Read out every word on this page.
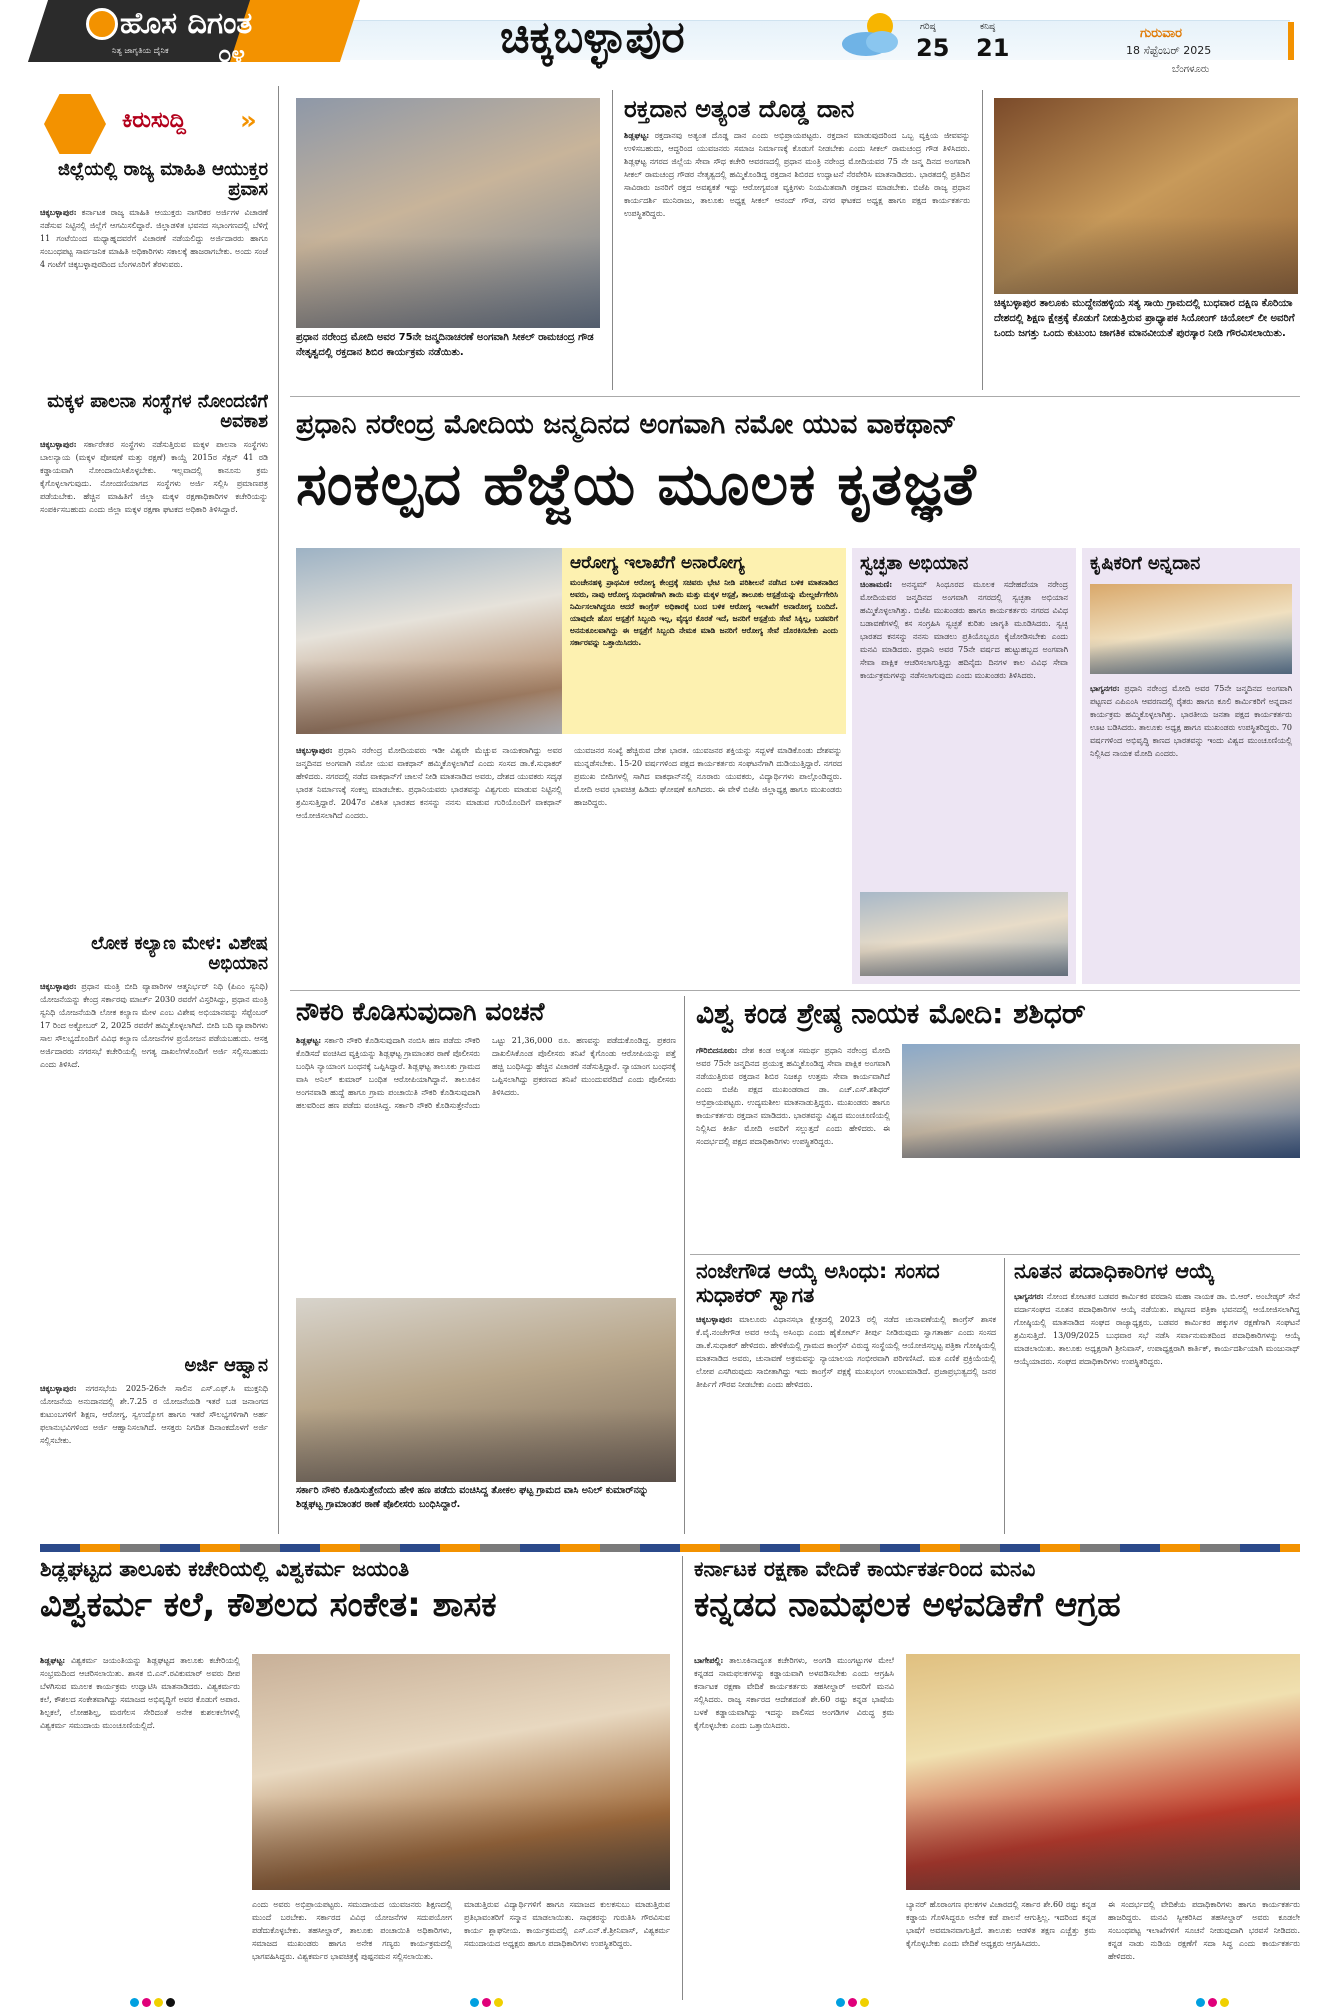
ಹೊಸ ದಿಗಂತ
ನಿತ್ಯ ಜಾಗೃತಿಯ ದೈನಿಕ ೦೪	ಚಿಕ್ಕಬಳ್ಳಾಪುರ	ಗರಿಷ್ಠ
25
ಕನಿಷ್ಠ
21
ಗುರುವಾರ
18 ಸೆಪ್ಟೆಂಬರ್ 2025
ಬೆಂಗಳೂರು
ಕಿರುಸುದ್ದಿ »
ಜಿಲ್ಲೆಯಲ್ಲಿ ರಾಜ್ಯ ಮಾಹಿತಿ ಆಯುಕ್ತರ ಪ್ರವಾಸ
ಚಿಕ್ಕಬಳ್ಳಾಪುರ: ಕರ್ನಾಟಕ ರಾಜ್ಯ ಮಾಹಿತಿ ಆಯುಕ್ತರು ನಾಗರಿಕರ ಅರ್ಜಿಗಳ ವಿಚಾರಣೆ ನಡೆಸುವ ನಿಟ್ಟಿನಲ್ಲಿ ಜಿಲ್ಲೆಗೆ ಆಗಮಿಸಲಿದ್ದಾರೆ. ಜಿಲ್ಲಾಡಳಿತ ಭವನದ ಸಭಾಂಗಣದಲ್ಲಿ ಬೆಳಿಗ್ಗೆ 11 ಗಂಟೆಯಿಂದ ಮಧ್ಯಾಹ್ನದವರೆಗೆ ವಿಚಾರಣೆ ನಡೆಯಲಿದ್ದು ಅರ್ಜಿದಾರರು ಹಾಗೂ ಸಂಬಂಧಪಟ್ಟ ಸಾರ್ವಜನಿಕ ಮಾಹಿತಿ ಅಧಿಕಾರಿಗಳು ಸಕಾಲಕ್ಕೆ ಹಾಜರಾಗಬೇಕು. ಅಂದು ಸಂಜೆ 4 ಗಂಟೆಗೆ ಚಿಕ್ಕಬಳ್ಳಾಪುರದಿಂದ ಬೆಂಗಳೂರಿಗೆ ತೆರಳುವರು.
ಮಕ್ಕಳ ಪಾಲನಾ ಸಂಸ್ಥೆಗಳ ನೋಂದಣಿಗೆ ಅವಕಾಶ
ಚಿಕ್ಕಬಳ್ಳಾಪುರ: ಸರ್ಕಾರೇತರ ಸಂಸ್ಥೆಗಳು ನಡೆಸುತ್ತಿರುವ ಮಕ್ಕಳ ಪಾಲನಾ ಸಂಸ್ಥೆಗಳು ಬಾಲನ್ಯಾಯ (ಮಕ್ಕಳ ಪೋಷಣೆ ಮತ್ತು ರಕ್ಷಣೆ) ಕಾಯ್ದೆ 2015ರ ಸೆಕ್ಷನ್ 41 ರಡಿ ಕಡ್ಡಾಯವಾಗಿ ನೋಂದಾಯಿಸಿಕೊಳ್ಳಬೇಕು. ಇಲ್ಲವಾದಲ್ಲಿ ಕಾನೂನು ಕ್ರಮ ಕೈಗೊಳ್ಳಲಾಗುವುದು. ನೋಂದಣಿಯಾಗದ ಸಂಸ್ಥೆಗಳು ಅರ್ಜಿ ಸಲ್ಲಿಸಿ ಪ್ರಮಾಣಪತ್ರ ಪಡೆಯಬೇಕು. ಹೆಚ್ಚಿನ ಮಾಹಿತಿಗೆ ಜಿಲ್ಲಾ ಮಕ್ಕಳ ರಕ್ಷಣಾಧಿಕಾರಿಗಳ ಕಚೇರಿಯನ್ನು ಸಂಪರ್ಕಿಸಬಹುದು ಎಂದು ಜಿಲ್ಲಾ ಮಕ್ಕಳ ರಕ್ಷಣಾ ಘಟಕದ ಅಧಿಕಾರಿ ತಿಳಿಸಿದ್ದಾರೆ.
ಲೋಕ ಕಲ್ಯಾಣ ಮೇಳ: ವಿಶೇಷ ಅಭಿಯಾನ
ಚಿಕ್ಕಬಳ್ಳಾಪುರ: ಪ್ರಧಾನ ಮಂತ್ರಿ ಬೀದಿ ವ್ಯಾಪಾರಿಗಳ ಆತ್ಮನಿರ್ಭರ್ ನಿಧಿ (ಪಿಎಂ ಸ್ವನಿಧಿ) ಯೋಜನೆಯನ್ನು ಕೇಂದ್ರ ಸರ್ಕಾರವು ಮಾರ್ಚ್ 2030 ರವರೆಗೆ ವಿಸ್ತರಿಸಿದ್ದು, ಪ್ರಧಾನ ಮಂತ್ರಿ ಸ್ವನಿಧಿ ಯೋಜನೆಯಡಿ ಲೋಕ ಕಲ್ಯಾಣ ಮೇಳ ಎಂಬ ವಿಶೇಷ ಅಭಿಯಾನವನ್ನು ಸೆಪ್ಟೆಂಬರ್ 17 ರಿಂದ ಅಕ್ಟೋಬರ್ 2, 2025 ರವರೆಗೆ ಹಮ್ಮಿಕೊಳ್ಳಲಾಗಿದೆ. ಬೀದಿ ಬದಿ ವ್ಯಾಪಾರಿಗಳು ಸಾಲ ಸೌಲಭ್ಯದೊಂದಿಗೆ ವಿವಿಧ ಕಲ್ಯಾಣ ಯೋಜನೆಗಳ ಪ್ರಯೋಜನ ಪಡೆಯಬಹುದು. ಆಸಕ್ತ ಅರ್ಜಿದಾರರು ನಗರಸಭೆ ಕಚೇರಿಯಲ್ಲಿ ಅಗತ್ಯ ದಾಖಲೆಗಳೊಂದಿಗೆ ಅರ್ಜಿ ಸಲ್ಲಿಸಬಹುದು ಎಂದು ತಿಳಿಸಿದೆ.
ಅರ್ಜಿ ಆಹ್ವಾನ
ಚಿಕ್ಕಬಳ್ಳಾಪುರ: ನಗರಸಭೆಯ 2025-26ನೇ ಸಾಲಿನ ಎಸ್.ಎಫ್.ಸಿ ಮುಕ್ತನಿಧಿ ಯೋಜನೆಯ ಅನುದಾನದಲ್ಲಿ ಶೇ.7.25 ರ ಯೋಜನೆಯಡಿ ಇತರೆ ಬಡ ಜನಾಂಗದ ಕುಟುಂಬಗಳಿಗೆ ಶಿಕ್ಷಣ, ಆರೋಗ್ಯ, ಸ್ವಉದ್ಯೋಗ ಹಾಗೂ ಇತರೆ ಸೌಲಭ್ಯಗಳಿಗಾಗಿ ಅರ್ಹ ಫಲಾನುಭವಿಗಳಿಂದ ಅರ್ಜಿ ಆಹ್ವಾನಿಸಲಾಗಿದೆ. ಆಸಕ್ತರು ನಿಗದಿತ ದಿನಾಂಕದೊಳಗೆ ಅರ್ಜಿ ಸಲ್ಲಿಸಬೇಕು.
ಪ್ರಧಾನ ನರೇಂದ್ರ ಮೋದಿ ಅವರ 75ನೇ ಜನ್ಮದಿನಾಚರಣೆ ಅಂಗವಾಗಿ ಸೀಕಲ್ ರಾಮಚಂದ್ರ ಗೌಡ ನೇತೃತ್ವದಲ್ಲಿ ರಕ್ತದಾನ ಶಿಬಿರ ಕಾರ್ಯಕ್ರಮ ನಡೆಯಿತು.
ರಕ್ತದಾನ ಅತ್ಯಂತ ದೊಡ್ಡ ದಾನ
ಶಿಡ್ಲಘಟ್ಟ: ರಕ್ತದಾನವು ಅತ್ಯಂತ ದೊಡ್ಡ ದಾನ ಎಂದು ಅಭಿಪ್ರಾಯಪಟ್ಟರು. ರಕ್ತದಾನ ಮಾಡುವುದರಿಂದ ಒಬ್ಬ ವ್ಯಕ್ತಿಯ ಜೀವವನ್ನು ಉಳಿಸಬಹುದು, ಆದ್ದರಿಂದ ಯುವಜನರು ಸಮಾಜ ನಿರ್ಮಾಣಕ್ಕೆ ಕೊಡುಗೆ ನೀಡಬೇಕು ಎಂದು ಸೀಕಲ್ ರಾಮಚಂದ್ರ ಗೌಡ ತಿಳಿಸಿದರು. ಶಿಡ್ಲಘಟ್ಟ ನಗರದ ಜಿಲ್ಲೆಯ ಸೇವಾ ಸೌಧ ಕಚೇರಿ ಆವರಣದಲ್ಲಿ ಪ್ರಧಾನ ಮಂತ್ರಿ ನರೇಂದ್ರ ಮೋದಿಯವರ 75 ನೇ ಜನ್ಮ ದಿನದ ಅಂಗವಾಗಿ ಸೀಕಲ್ ರಾಮಚಂದ್ರ ಗೌಡರ ನೇತೃತ್ವದಲ್ಲಿ ಹಮ್ಮಿಕೊಂಡಿದ್ದ ರಕ್ತದಾನ ಶಿಬಿರದ ಉದ್ಘಾಟನೆ ನೆರವೇರಿಸಿ ಮಾತನಾಡಿದರು. ಭಾರತದಲ್ಲಿ ಪ್ರತಿದಿನ ಸಾವಿರಾರು ಜನರಿಗೆ ರಕ್ತದ ಅವಶ್ಯಕತೆ ಇದ್ದು ಆರೋಗ್ಯವಂತ ವ್ಯಕ್ತಿಗಳು ನಿಯಮಿತವಾಗಿ ರಕ್ತದಾನ ಮಾಡಬೇಕು. ಬಿಜೆಪಿ ರಾಜ್ಯ ಪ್ರಧಾನ ಕಾರ್ಯದರ್ಶಿ ಮುನಿರಾಜು, ತಾಲೂಕು ಅಧ್ಯಕ್ಷ ಸೀಕಲ್ ಆನಂದ್ ಗೌಡ, ನಗರ ಘಟಕದ ಅಧ್ಯಕ್ಷ ಹಾಗೂ ಪಕ್ಷದ ಕಾರ್ಯಕರ್ತರು ಉಪಸ್ಥಿತರಿದ್ದರು.
ಚಿಕ್ಕಬಳ್ಳಾಪುರ ತಾಲೂಕು ಮುದ್ದೇನಹಳ್ಳಿಯ ಸತ್ಯ ಸಾಯಿ ಗ್ರಾಮದಲ್ಲಿ ಬುಧವಾರ ದಕ್ಷಿಣ ಕೊರಿಯಾ ದೇಶದಲ್ಲಿ ಶಿಕ್ಷಣ ಕ್ಷೇತ್ರಕ್ಕೆ ಕೊಡುಗೆ ನೀಡುತ್ತಿರುವ ಪ್ರಾಧ್ಯಾಪಕ ಸಿಯೋಂಗ್ ಚಿಯೋಲ್ ಲೀ ಅವರಿಗೆ ಒಂದು ಜಗತ್ತು ಒಂದು ಕುಟುಂಬ ಜಾಗತಿಕ ಮಾನವೀಯತೆ ಪುರಸ್ಕಾರ ನೀಡಿ ಗೌರವಿಸಲಾಯಿತು.
ಪ್ರಧಾನಿ ನರೇಂದ್ರ ಮೋದಿಯ ಜನ್ಮದಿನದ ಅಂಗವಾಗಿ ನಮೋ ಯುವ ವಾಕಥಾನ್
ಸಂಕಲ್ಪದ ಹೆಜ್ಜೆಯ ಮೂಲಕ ಕೃತಜ್ಞತೆ
ಆರೋಗ್ಯ ಇಲಾಖೆಗೆ ಅನಾರೋಗ್ಯ
ಮಂಚೇನಹಳ್ಳಿ ಪ್ರಾಥಮಿಕ ಆರೋಗ್ಯ ಕೇಂದ್ರಕ್ಕೆ ಸಚಿವರು ಭೇಟಿ ನೀಡಿ ಪರಿಶೀಲನೆ ನಡೆಸಿದ ಬಳಿಕ ಮಾತನಾಡಿದ ಅವರು, ನಾವು ಆರೋಗ್ಯ ಸುಧಾರಣೆಗಾಗಿ ತಾಯಿ ಮತ್ತು ಮಕ್ಕಳ ಆಸ್ಪತ್ರೆ, ತಾಲೂಕು ಆಸ್ಪತ್ರೆಯನ್ನು ಮೇಲ್ದರ್ಜೆಗೇರಿಸಿ ನಿರ್ಮಿಸಲಾಗಿದ್ದರೂ ಆದರೆ ಕಾಂಗ್ರೆಸ್ ಅಧಿಕಾರಕ್ಕೆ ಬಂದ ಬಳಿಕ ಆರೋಗ್ಯ ಇಲಾಖೆಗೆ ಅನಾರೋಗ್ಯ ಬಂದಿದೆ. ಯಾವುದೇ ಹೊಸ ಆಸ್ಪತ್ರೆಗೆ ಸಿಬ್ಬಂದಿ ಇಲ್ಲ, ವೈದ್ಯರ ಕೊರತೆ ಇದೆ, ಜನರಿಗೆ ಆಸ್ಪತ್ರೆಯ ಸೇವೆ ಸಿಕ್ಕಿಲ್ಲ, ಬಡವರಿಗೆ ಅನನುಕೂಲವಾಗಿದ್ದು ಈ ಆಸ್ಪತ್ರೆಗೆ ಸಿಬ್ಬಂದಿ ನೇಮಕ ಮಾಡಿ ಜನರಿಗೆ ಆರೋಗ್ಯ ಸೇವೆ ದೊರಕಿಸಬೇಕು ಎಂದು ಸರ್ಕಾರವನ್ನು ಒತ್ತಾಯಿಸಿದರು.
ಚಿಕ್ಕಬಳ್ಳಾಪುರ: ಪ್ರಧಾನಿ ನರೇಂದ್ರ ಮೋದಿಯವರು ಇಡೀ ವಿಶ್ವವೇ ಮೆಚ್ಚುವ ನಾಯಕರಾಗಿದ್ದು ಅವರ ಜನ್ಮದಿನದ ಅಂಗವಾಗಿ ನಮೋ ಯುವ ವಾಕಥಾನ್ ಹಮ್ಮಿಕೊಳ್ಳಲಾಗಿದೆ ಎಂದು ಸಂಸದ ಡಾ.ಕೆ.ಸುಧಾಕರ್ ಹೇಳಿದರು. ನಗರದಲ್ಲಿ ನಡೆದ ವಾಕಥಾನ್‌ಗೆ ಚಾಲನೆ ನೀಡಿ ಮಾತನಾಡಿದ ಅವರು, ದೇಶದ ಯುವಕರು ಸದೃಢ ಭಾರತ ನಿರ್ಮಾಣಕ್ಕೆ ಸಂಕಲ್ಪ ಮಾಡಬೇಕು. ಪ್ರಧಾನಿಯವರು ಭಾರತವನ್ನು ವಿಶ್ವಗುರು ಮಾಡುವ ನಿಟ್ಟಿನಲ್ಲಿ ಶ್ರಮಿಸುತ್ತಿದ್ದಾರೆ. 2047ರ ವಿಕಸಿತ ಭಾರತದ ಕನಸನ್ನು ನನಸು ಮಾಡುವ ಗುರಿಯೊಂದಿಗೆ ವಾಕಥಾನ್ ಆಯೋಜಿಸಲಾಗಿದೆ ಎಂದರು.
ಯುವಜನರ ಸಂಖ್ಯೆ ಹೆಚ್ಚಿರುವ ದೇಶ ಭಾರತ. ಯುವಜನರ ಶಕ್ತಿಯನ್ನು ಸದ್ಬಳಕೆ ಮಾಡಿಕೊಂಡು ದೇಶವನ್ನು ಮುನ್ನಡೆಸಬೇಕು. 15-20 ವರ್ಷಗಳಿಂದ ಪಕ್ಷದ ಕಾರ್ಯಕರ್ತರು ಸಂಘಟನೆಗಾಗಿ ದುಡಿಯುತ್ತಿದ್ದಾರೆ. ನಗರದ ಪ್ರಮುಖ ಬೀದಿಗಳಲ್ಲಿ ಸಾಗಿದ ವಾಕಥಾನ್‌ನಲ್ಲಿ ನೂರಾರು ಯುವಕರು, ವಿದ್ಯಾರ್ಥಿಗಳು ಪಾಲ್ಗೊಂಡಿದ್ದರು. ಮೋದಿ ಅವರ ಭಾವಚಿತ್ರ ಹಿಡಿದು ಘೋಷಣೆ ಕೂಗಿದರು. ಈ ವೇಳೆ ಬಿಜೆಪಿ ಜಿಲ್ಲಾಧ್ಯಕ್ಷ ಹಾಗೂ ಮುಖಂಡರು ಹಾಜರಿದ್ದರು.
ಸ್ವಚ್ಛತಾ ಅಭಿಯಾನ
ಚಿಂತಾಮಣಿ: ಅನನ್ಯಮ್ ಸಿಂಧೂರದ ಮೂಲಕ ಸದೇಹದೆಯಾ ನರೇಂದ್ರ ಮೋದಿಯವರ ಜನ್ಮದಿನದ ಅಂಗವಾಗಿ ನಗರದಲ್ಲಿ ಸ್ವಚ್ಛತಾ ಅಭಿಯಾನ ಹಮ್ಮಿಕೊಳ್ಳಲಾಗಿತ್ತು. ಬಿಜೆಪಿ ಮುಖಂಡರು ಹಾಗೂ ಕಾರ್ಯಕರ್ತರು ನಗರದ ವಿವಿಧ ಬಡಾವಣೆಗಳಲ್ಲಿ ಕಸ ಸಂಗ್ರಹಿಸಿ ಸ್ವಚ್ಛತೆ ಕುರಿತು ಜಾಗೃತಿ ಮೂಡಿಸಿದರು. ಸ್ವಚ್ಛ ಭಾರತದ ಕನಸನ್ನು ನನಸು ಮಾಡಲು ಪ್ರತಿಯೊಬ್ಬರೂ ಕೈಜೋಡಿಸಬೇಕು ಎಂದು ಮನವಿ ಮಾಡಿದರು. ಪ್ರಧಾನಿ ಅವರ 75ನೇ ವರ್ಷದ ಹುಟ್ಟುಹಬ್ಬದ ಅಂಗವಾಗಿ ಸೇವಾ ಪಾಕ್ಷಿಕ ಆಚರಿಸಲಾಗುತ್ತಿದ್ದು ಹದಿನೈದು ದಿನಗಳ ಕಾಲ ವಿವಿಧ ಸೇವಾ ಕಾರ್ಯಕ್ರಮಗಳನ್ನು ನಡೆಸಲಾಗುವುದು ಎಂದು ಮುಖಂಡರು ತಿಳಿಸಿದರು.
ಕೃಷಿಕರಿಗೆ ಅನ್ನದಾನ
ಭಾಗ್ಯನಗರ: ಪ್ರಧಾನಿ ನರೇಂದ್ರ ಮೋದಿ ಅವರ 75ನೇ ಜನ್ಮದಿನದ ಅಂಗವಾಗಿ ಪಟ್ಟಣದ ಎಪಿಎಂಸಿ ಆವರಣದಲ್ಲಿ ರೈತರು ಹಾಗೂ ಕೂಲಿ ಕಾರ್ಮಿಕರಿಗೆ ಅನ್ನದಾನ ಕಾರ್ಯಕ್ರಮ ಹಮ್ಮಿಕೊಳ್ಳಲಾಗಿತ್ತು. ಭಾರತೀಯ ಜನತಾ ಪಕ್ಷದ ಕಾರ್ಯಕರ್ತರು ಊಟ ಬಡಿಸಿದರು. ತಾಲೂಕು ಅಧ್ಯಕ್ಷ ಹಾಗೂ ಮುಖಂಡರು ಉಪಸ್ಥಿತರಿದ್ದರು. 70 ವರ್ಷಗಳಿಂದ ಅಭಿವೃದ್ಧಿ ಕಾಣದ ಭಾರತವನ್ನು ಇಂದು ವಿಶ್ವದ ಮುಂಚೂಣಿಯಲ್ಲಿ ನಿಲ್ಲಿಸಿದ ನಾಯಕ ಮೋದಿ ಎಂದರು.
ನೌಕರಿ ಕೊಡಿಸುವುದಾಗಿ ವಂಚನೆ
ಶಿಡ್ಲಘಟ್ಟ: ಸರ್ಕಾರಿ ನೌಕರಿ ಕೊಡಿಸುವುದಾಗಿ ನಂಬಿಸಿ ಹಣ ಪಡೆದು ನೌಕರಿ ಕೊಡಿಸದೆ ವಂಚಿಸಿದ ವ್ಯಕ್ತಿಯನ್ನು ಶಿಡ್ಲಘಟ್ಟ ಗ್ರಾಮಾಂತರ ಠಾಣೆ ಪೊಲೀಸರು ಬಂಧಿಸಿ ನ್ಯಾಯಾಂಗ ಬಂಧನಕ್ಕೆ ಒಪ್ಪಿಸಿದ್ದಾರೆ. ಶಿಡ್ಲಘಟ್ಟ ತಾಲೂಕು ಗ್ರಾಮದ ವಾಸಿ ಅನಿಲ್ ಕುಮಾರ್ ಬಂಧಿತ ಆರೋಪಿಯಾಗಿದ್ದಾನೆ. ತಾಲೂಕಿನ ಅಂಗನವಾಡಿ ಹುದ್ದೆ ಹಾಗೂ ಗ್ರಾಮ ಪಂಚಾಯಿತಿ ನೌಕರಿ ಕೊಡಿಸುವುದಾಗಿ ಹಲವರಿಂದ ಹಣ ಪಡೆದು ವಂಚಿಸಿದ್ದ. ಸರ್ಕಾರಿ ನೌಕರಿ ಕೊಡಿಸುತ್ತೇನೆಂದು ಒಟ್ಟು 21,36,000 ರೂ. ಹಣವನ್ನು ಪಡೆದುಕೊಂಡಿದ್ದ. ಪ್ರಕರಣ ದಾಖಲಿಸಿಕೊಂಡ ಪೊಲೀಸರು ತನಿಖೆ ಕೈಗೊಂಡು ಆರೋಪಿಯನ್ನು ಪತ್ತೆ ಹಚ್ಚಿ ಬಂಧಿಸಿದ್ದು ಹೆಚ್ಚಿನ ವಿಚಾರಣೆ ನಡೆಸುತ್ತಿದ್ದಾರೆ. ನ್ಯಾಯಾಂಗ ಬಂಧನಕ್ಕೆ ಒಪ್ಪಿಸಲಾಗಿದ್ದು ಪ್ರಕರಣದ ತನಿಖೆ ಮುಂದುವರೆದಿದೆ ಎಂದು ಪೊಲೀಸರು ತಿಳಿಸಿದರು.
ಸರ್ಕಾರಿ ನೌಕರಿ ಕೊಡಿಸುತ್ತೇನೆಂದು ಹೇಳಿ ಹಣ ಪಡೆದು ವಂಚಿಸಿದ್ದ ತೋಕಲ ಘಟ್ಟ ಗ್ರಾಮದ ವಾಸಿ ಅನಿಲ್ ಕುಮಾರ್‌ನನ್ನು ಶಿಡ್ಲಘಟ್ಟ ಗ್ರಾಮಾಂತರ ಠಾಣೆ ಪೊಲೀಸರು ಬಂಧಿಸಿದ್ದಾರೆ.
ವಿಶ್ವ ಕಂಡ ಶ್ರೇಷ್ಠ ನಾಯಕ ಮೋದಿ: ಶಶಿಧರ್
ಗೌರಿಬಿದನೂರು: ದೇಶ ಕಂಡ ಅತ್ಯಂತ ಸಮರ್ಥ ಪ್ರಧಾನಿ ನರೇಂದ್ರ ಮೋದಿ ಅವರ 75ನೇ ಜನ್ಮದಿನದ ಪ್ರಯುಕ್ತ ಹಮ್ಮಿಕೊಂಡಿದ್ದ ಸೇವಾ ಪಾಕ್ಷಿಕ ಅಂಗವಾಗಿ ನಡೆಯುತ್ತಿರುವ ರಕ್ತದಾನ ಶಿಬಿರ ನಿಜಕ್ಕೂ ಉತ್ತಮ ಸೇವಾ ಕಾರ್ಯವಾಗಿದೆ ಎಂದು ಬಿಜೆಪಿ ಪಕ್ಷದ ಮುಖಂಡರಾದ ಡಾ. ಎಚ್.ಎಸ್.ಶಶಿಧರ್ ಅಭಿಪ್ರಾಯಪಟ್ಟರು. ಉದ್ಯಮಶೀಲ ಮಾತನಾಡುತ್ತಿದ್ದರು. ಮುಖಂಡರು ಹಾಗೂ ಕಾರ್ಯಕರ್ತರು ರಕ್ತದಾನ ಮಾಡಿದರು. ಭಾರತವನ್ನು ವಿಶ್ವದ ಮುಂಚೂಣಿಯಲ್ಲಿ ನಿಲ್ಲಿಸಿದ ಕೀರ್ತಿ ಮೋದಿ ಅವರಿಗೆ ಸಲ್ಲುತ್ತದೆ ಎಂದು ಹೇಳಿದರು. ಈ ಸಂದರ್ಭದಲ್ಲಿ ಪಕ್ಷದ ಪದಾಧಿಕಾರಿಗಳು ಉಪಸ್ಥಿತರಿದ್ದರು.
ನಂಜೇಗೌಡ ಆಯ್ಕೆ ಅಸಿಂಧು: ಸಂಸದ ಸುಧಾಕರ್ ಸ್ವಾಗತ
ಚಿಕ್ಕಬಳ್ಳಾಪುರ: ಮಾಲೂರು ವಿಧಾನಸಭಾ ಕ್ಷೇತ್ರದಲ್ಲಿ 2023 ರಲ್ಲಿ ನಡೆದ ಚುನಾವಣೆಯಲ್ಲಿ ಕಾಂಗ್ರೆಸ್ ಶಾಸಕ ಕೆ.ವೈ.ನಂಜೇಗೌಡ ಅವರ ಆಯ್ಕೆ ಅಸಿಂಧು ಎಂದು ಹೈಕೋರ್ಟ್ ತೀರ್ಪು ನೀಡಿರುವುದು ಸ್ವಾಗತಾರ್ಹ ಎಂದು ಸಂಸದ ಡಾ.ಕೆ.ಸುಧಾಕರ್ ಹೇಳಿದರು. ಹೇಳಿಕೆಯಲ್ಲಿ ಗ್ರಾಮದ ಕಾಂಗ್ರೆಸ್ ವಿರುದ್ಧ ಸಂಸ್ಥೆಯಲ್ಲಿ ಆಯೋಜಿಸಲ್ಪಟ್ಟ ಪತ್ರಿಕಾ ಗೋಷ್ಠಿಯಲ್ಲಿ ಮಾತನಾಡಿದ ಅವರು, ಚುನಾವಣೆ ಅಕ್ರಮವನ್ನು ನ್ಯಾಯಾಲಯ ಗಂಭೀರವಾಗಿ ಪರಿಗಣಿಸಿದೆ. ಮತ ಎಣಿಕೆ ಪ್ರಕ್ರಿಯೆಯಲ್ಲಿ ಲೋಪ ಎಸಗಿರುವುದು ಸಾಬೀತಾಗಿದ್ದು ಇದು ಕಾಂಗ್ರೆಸ್ ಪಕ್ಷಕ್ಕೆ ಮುಖಭಂಗ ಉಂಟುಮಾಡಿದೆ. ಪ್ರಜಾಪ್ರಭುತ್ವದಲ್ಲಿ ಜನರ ತೀರ್ಪಿಗೆ ಗೌರವ ನೀಡಬೇಕು ಎಂದು ಹೇಳಿದರು.
ನೂತನ ಪದಾಧಿಕಾರಿಗಳ ಆಯ್ಕೆ
ಭಾಗ್ಯನಗರ: ನೋಂದ ಕೋಟತರ ಬಡವರ ಕಾರ್ಮಿಕರ ವರದಾನಿ ಮಹಾ ನಾಯಕ ಡಾ. ಬಿ.ಆರ್. ಅಂಬೇಡ್ಕರ್ ಸೇನೆ ವರ್ದಾಸಂಘದ ನೂತನ ಪದಾಧಿಕಾರಿಗಳ ಆಯ್ಕೆ ನಡೆಯಿತು. ಪಟ್ಟಣದ ಪತ್ರಿಕಾ ಭವನದಲ್ಲಿ ಆಯೋಜಿಸಲಾಗಿದ್ದ ಗೋಷ್ಠಿಯಲ್ಲಿ ಮಾತನಾಡಿದ ಸಂಘದ ರಾಜ್ಯಾಧ್ಯಕ್ಷರು, ಬಡವರ ಕಾರ್ಮಿಕರ ಹಕ್ಕುಗಳ ರಕ್ಷಣೆಗಾಗಿ ಸಂಘಟನೆ ಶ್ರಮಿಸುತ್ತಿದೆ. 13/09/2025 ಬುಧವಾರ ಸಭೆ ನಡೆಸಿ ಸರ್ವಾನುಮತದಿಂದ ಪದಾಧಿಕಾರಿಗಳನ್ನು ಆಯ್ಕೆ ಮಾಡಲಾಯಿತು. ತಾಲೂಕು ಅಧ್ಯಕ್ಷರಾಗಿ ಶ್ರೀನಿವಾಸ್, ಉಪಾಧ್ಯಕ್ಷರಾಗಿ ಕಾರ್ತಿಕ್, ಕಾರ್ಯದರ್ಶಿಯಾಗಿ ಮಂಜುನಾಥ್ ಆಯ್ಕೆಯಾದರು. ಸಂಘದ ಪದಾಧಿಕಾರಿಗಳು ಉಪಸ್ಥಿತರಿದ್ದರು.
ಶಿಡ್ಲಘಟ್ಟದ ತಾಲೂಕು ಕಚೇರಿಯಲ್ಲಿ ವಿಶ್ವಕರ್ಮ ಜಯಂತಿ
ವಿಶ್ವಕರ್ಮ ಕಲೆ, ಕೌಶಲದ ಸಂಕೇತ: ಶಾಸಕ
ಶಿಡ್ಲಘಟ್ಟ: ವಿಶ್ವಕರ್ಮ ಜಯಂತಿಯನ್ನು ಶಿಡ್ಲಘಟ್ಟದ ತಾಲೂಕು ಕಚೇರಿಯಲ್ಲಿ ಸಂಭ್ರಮದಿಂದ ಆಚರಿಸಲಾಯಿತು. ಶಾಸಕ ಬಿ.ಎನ್.ರವಿಕುಮಾರ್ ಅವರು ದೀಪ ಬೆಳಗಿಸುವ ಮೂಲಕ ಕಾರ್ಯಕ್ರಮ ಉದ್ಘಾಟಿಸಿ ಮಾತನಾಡಿದರು. ವಿಶ್ವಕರ್ಮರು ಕಲೆ, ಕೌಶಲದ ಸಂಕೇತವಾಗಿದ್ದು ಸಮಾಜದ ಅಭಿವೃದ್ಧಿಗೆ ಅವರ ಕೊಡುಗೆ ಅಪಾರ. ಶಿಲ್ಪಕಲೆ, ಲೋಹಶಿಲ್ಪ, ಮರಗೆಲಸ ಸೇರಿದಂತೆ ಅನೇಕ ಕುಶಲಕಲೆಗಳಲ್ಲಿ ವಿಶ್ವಕರ್ಮ ಸಮುದಾಯ ಮುಂಚೂಣಿಯಲ್ಲಿದೆ.
ಎಂದು ಅವರು ಅಭಿಪ್ರಾಯಪಟ್ಟರು. ಸಮುದಾಯದ ಯುವಜನರು ಶಿಕ್ಷಣದಲ್ಲಿ ಮುಂದೆ ಬರಬೇಕು. ಸರ್ಕಾರದ ವಿವಿಧ ಯೋಜನೆಗಳ ಸದುಪಯೋಗ ಪಡೆದುಕೊಳ್ಳಬೇಕು. ತಹಸೀಲ್ದಾರ್, ತಾಲೂಕು ಪಂಚಾಯಿತಿ ಅಧಿಕಾರಿಗಳು, ಸಮಾಜದ ಮುಖಂಡರು ಹಾಗೂ ಅನೇಕ ಗಣ್ಯರು ಕಾರ್ಯಕ್ರಮದಲ್ಲಿ ಭಾಗವಹಿಸಿದ್ದರು. ವಿಶ್ವಕರ್ಮರ ಭಾವಚಿತ್ರಕ್ಕೆ ಪುಷ್ಪನಮನ ಸಲ್ಲಿಸಲಾಯಿತು.
ಮಾಡುತ್ತಿರುವ ವಿದ್ಯಾರ್ಥಿಗಳಿಗೆ ಹಾಗೂ ಸಮಾಜದ ಕುಲಕಸುಬು ಮಾಡುತ್ತಿರುವ ಪ್ರತಿಭಾವಂತರಿಗೆ ಸನ್ಮಾನ ಮಾಡಲಾಯಿತು. ಸಾಧಕರನ್ನು ಗುರುತಿಸಿ ಗೌರವಿಸುವ ಕಾರ್ಯ ಶ್ಲಾಘನೀಯ. ಕಾರ್ಯಕ್ರಮದಲ್ಲಿ ಎಸ್.ಎನ್.ಕೆ.ಶ್ರೀನಿವಾಸ್, ವಿಶ್ವಕರ್ಮ ಸಮುದಾಯದ ಅಧ್ಯಕ್ಷರು ಹಾಗೂ ಪದಾಧಿಕಾರಿಗಳು ಉಪಸ್ಥಿತರಿದ್ದರು.
ಕರ್ನಾಟಕ ರಕ್ಷಣಾ ವೇದಿಕೆ ಕಾರ್ಯಕರ್ತರಿಂದ ಮನವಿ
ಕನ್ನಡದ ನಾಮಫಲಕ ಅಳವಡಿಕೆಗೆ ಆಗ್ರಹ
ಬಾಗೇಪಲ್ಲಿ: ತಾಲೂಕಿನಾದ್ಯಂತ ಕಚೇರಿಗಳು, ಅಂಗಡಿ ಮುಂಗಟ್ಟುಗಳ ಮೇಲೆ ಕನ್ನಡದ ನಾಮಫಲಕಗಳನ್ನು ಕಡ್ಡಾಯವಾಗಿ ಅಳವಡಿಸಬೇಕು ಎಂದು ಆಗ್ರಹಿಸಿ ಕರ್ನಾಟಕ ರಕ್ಷಣಾ ವೇದಿಕೆ ಕಾರ್ಯಕರ್ತರು ತಹಸೀಲ್ದಾರ್ ಅವರಿಗೆ ಮನವಿ ಸಲ್ಲಿಸಿದರು. ರಾಜ್ಯ ಸರ್ಕಾರದ ಆದೇಶದಂತೆ ಶೇ.60 ರಷ್ಟು ಕನ್ನಡ ಭಾಷೆಯ ಬಳಕೆ ಕಡ್ಡಾಯವಾಗಿದ್ದು ಇದನ್ನು ಪಾಲಿಸದ ಅಂಗಡಿಗಳ ವಿರುದ್ಧ ಕ್ರಮ ಕೈಗೊಳ್ಳಬೇಕು ಎಂದು ಒತ್ತಾಯಿಸಿದರು.
ಬ್ಯಾನರ್ ಹೊರಾಂಗಣ ಫಲಕಗಳ ವಿಚಾರದಲ್ಲಿ ಸರ್ಕಾರ ಶೇ.60 ರಷ್ಟು ಕನ್ನಡ ಕಡ್ಡಾಯ ಗೊಳಿಸಿದ್ದರೂ ಅನೇಕ ಕಡೆ ಪಾಲನೆ ಆಗುತ್ತಿಲ್ಲ. ಇದರಿಂದ ಕನ್ನಡ ಭಾಷೆಗೆ ಅವಮಾನವಾಗುತ್ತಿದೆ. ತಾಲೂಕು ಆಡಳಿತ ತಕ್ಷಣ ಎಚ್ಚೆತ್ತು ಕ್ರಮ ಕೈಗೊಳ್ಳಬೇಕು ಎಂದು ವೇದಿಕೆ ಅಧ್ಯಕ್ಷರು ಆಗ್ರಹಿಸಿದರು.
ಈ ಸಂದರ್ಭದಲ್ಲಿ ವೇದಿಕೆಯ ಪದಾಧಿಕಾರಿಗಳು ಹಾಗೂ ಕಾರ್ಯಕರ್ತರು ಹಾಜರಿದ್ದರು. ಮನವಿ ಸ್ವೀಕರಿಸಿದ ತಹಸೀಲ್ದಾರ್ ಅವರು ಕೂಡಲೇ ಸಂಬಂಧಪಟ್ಟ ಇಲಾಖೆಗಳಿಗೆ ಸೂಚನೆ ನೀಡುವುದಾಗಿ ಭರವಸೆ ನೀಡಿದರು. ಕನ್ನಡ ನಾಡು ನುಡಿಯ ರಕ್ಷಣೆಗೆ ಸದಾ ಸಿದ್ಧ ಎಂದು ಕಾರ್ಯಕರ್ತರು ಹೇಳಿದರು.
